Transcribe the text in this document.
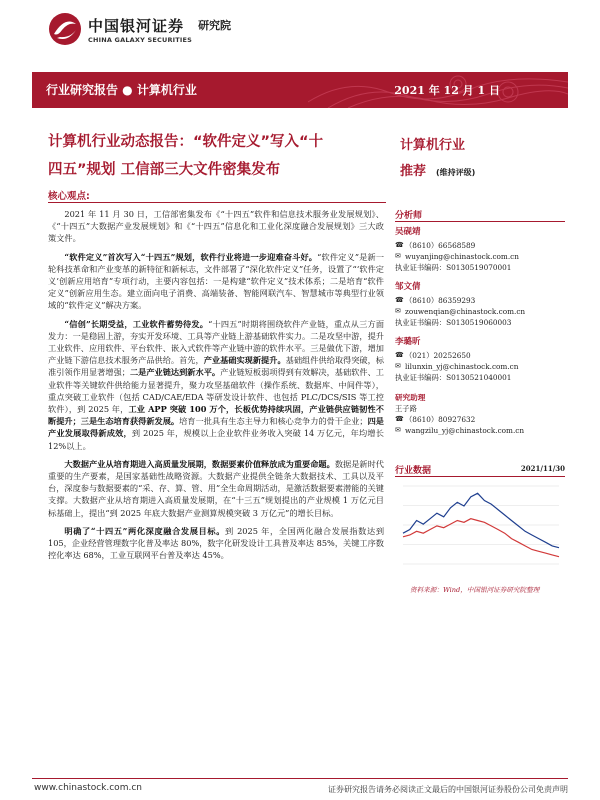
中国银河证券
CHINA GALAXY SECURITIES
研究院
行业研究报告 ● 计算机行业	2021 年 12 月 1 日
计算机行业动态报告：“软件定义”写入“十
四五”规划 工信部三大文件密集发布
计算机行业
推荐 (维持评级)
核心观点:

2021 年 11 月 30 日，工信部密集发布《“十四五”软件和信息技术服务业发展规划》、《“十四五”大数据产业发展规划》和《“十四五”信息化和工业化深度融合发展规划》三大政策文件。

“软件定义”首次写入“十四五”规划，软件行业将进一步迎难奋斗好。“软件定义”是新一轮科技革命和产业变革的新特征和新标志，文件部署了“深化软件定义”任务，设置了“‘软件定义’创新应用培育”专项行动，主要内容包括：一是构建“软件定义”技术体系；二是培育“软件定义”创新应用生态。建立面向电子消费、高端装备、智能网联汽车、智慧城市等典型行业领域的“软件定义”解决方案。

“信创”长期受益，工业软件蓄势待发。“十四五”时期将围绕软件产业链，重点从三方面发力：一是稳固上游，夯实开发环境、工具等产业链上游基础软件实力。二是攻坚中游，提升工业软件、应用软件、平台软件、嵌入式软件等产业链中游的软件水平。三是做优下游，增加产业链下游信息技术服务产品供给。首先，产业基础实现新提升。基础组件供给取得突破，标准引领作用显著增强；二是产业链达到新水平。产业链短板弱项得到有效解决，基础软件、工业软件等关键软件供给能力显著提升，聚力攻坚基础软件（操作系统、数据库、中间件等），重点突破工业软件（包括 CAD/CAE/EDA 等研发设计软件、也包括 PLC/DCS/SIS 等工控软件），到 2025 年，工业 APP 突破 100 万个，长板优势持续巩固，产业链供应链韧性不断提升；三是生态培育获得新发展。培育一批具有生态主导力和核心竞争力的骨干企业；四是产业发展取得新成效，到 2025 年，规模以上企业软件业务收入突破 14 万亿元，年均增长 12%以上。

大数据产业从培育期进入高质量发展期，数据要素价值释放成为重要命题。数据是新时代重要的生产要素，是国家基础性战略资源。大数据产业提供全链条大数据技术、工具以及平台，深度参与数据要素的“采、存、算、管、用”全生命周期活动，是激活数据要素潜能的关键支撑。大数据产业从培育期进入高质量发展期，在“十三五”规划提出的产业规模 1 万亿元目标基础上，提出“到 2025 年底大数据产业测算规模突破 3 万亿元”的增长目标。

明确了“十四五”两化深度融合发展目标。到 2025 年，全国两化融合发展指数达到 105，企业经营管理数字化普及率达 80%，数字化研发设计工具普及率达 85%，关键工序数控化率达 68%，工业互联网平台普及率达 45%。

分析师
吴砚靖
☎ （8610）66568589
✉ wuyanjing@chinastock.com.cn
执业证书编码：S0130519070001
邹文倩
☎ （8610）86359293
✉ zouwenqian@chinastock.com.cn
执业证书编码：S0130519060003
李璐昕
☎ （021）20252650
✉ lilunxin_yj@chinastock.com.cn
执业证书编码：S0130521040001
研究助理
王子路
☎ （8610）80927632
✉ wangzilu_yj@chinastock.com.cn
行业数据	2021/11/30
资料来源：Wind，中国银河证券研究院整理
www.chinastock.com.cn	证券研究报告请务必阅读正文最后的中国银河证券股份公司免责声明
